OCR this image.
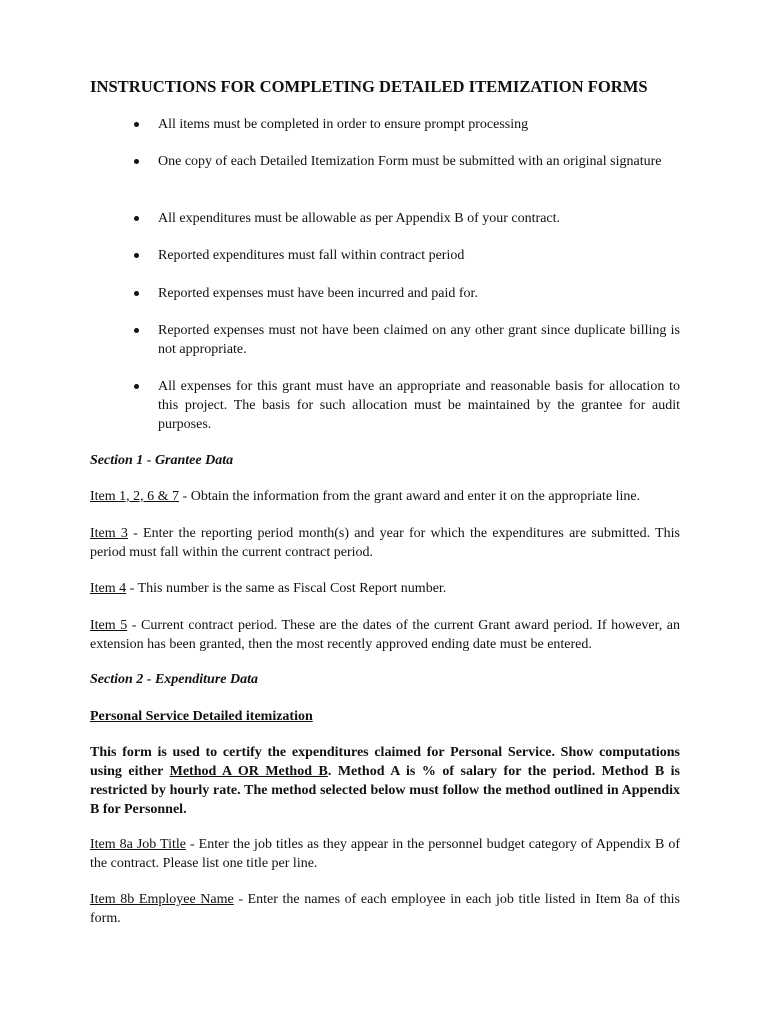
INSTRUCTIONS FOR COMPLETING DETAILED ITEMIZATION FORMS
All items must be completed in order to ensure prompt processing
One copy of each Detailed Itemization Form must be submitted with an original signature
All expenditures must be allowable as per Appendix B of your contract.
Reported expenditures must fall within contract period
Reported expenses must have been incurred and paid for.
Reported expenses must not have been claimed on any other grant since duplicate billing is not appropriate.
All expenses for this grant must have an appropriate and reasonable basis for allocation to this project. The basis for such allocation must be maintained by the grantee for audit purposes.
Section 1 - Grantee Data

Item 1, 2, 6 & 7 - Obtain the information from the grant award and enter it on the appropriate line.

Item 3 - Enter the reporting period month(s) and year for which the expenditures are submitted. This period must fall within the current contract period.

Item 4 - This number is the same as Fiscal Cost Report number.

Item 5 - Current contract period. These are the dates of the current Grant award period. If however, an extension has been granted, then the most recently approved ending date must be entered.

Section 2 - Expenditure Data
Personal Service Detailed itemization

This form is used to certify the expenditures claimed for Personal Service. Show computations using either Method A OR Method B. Method A is % of salary for the period. Method B is restricted by hourly rate. The method selected below must follow the method outlined in Appendix B for Personnel.

Item 8a Job Title - Enter the job titles as they appear in the personnel budget category of Appendix B of the contract. Please list one title per line.

Item 8b Employee Name - Enter the names of each employee in each job title listed in Item 8a of this form.
